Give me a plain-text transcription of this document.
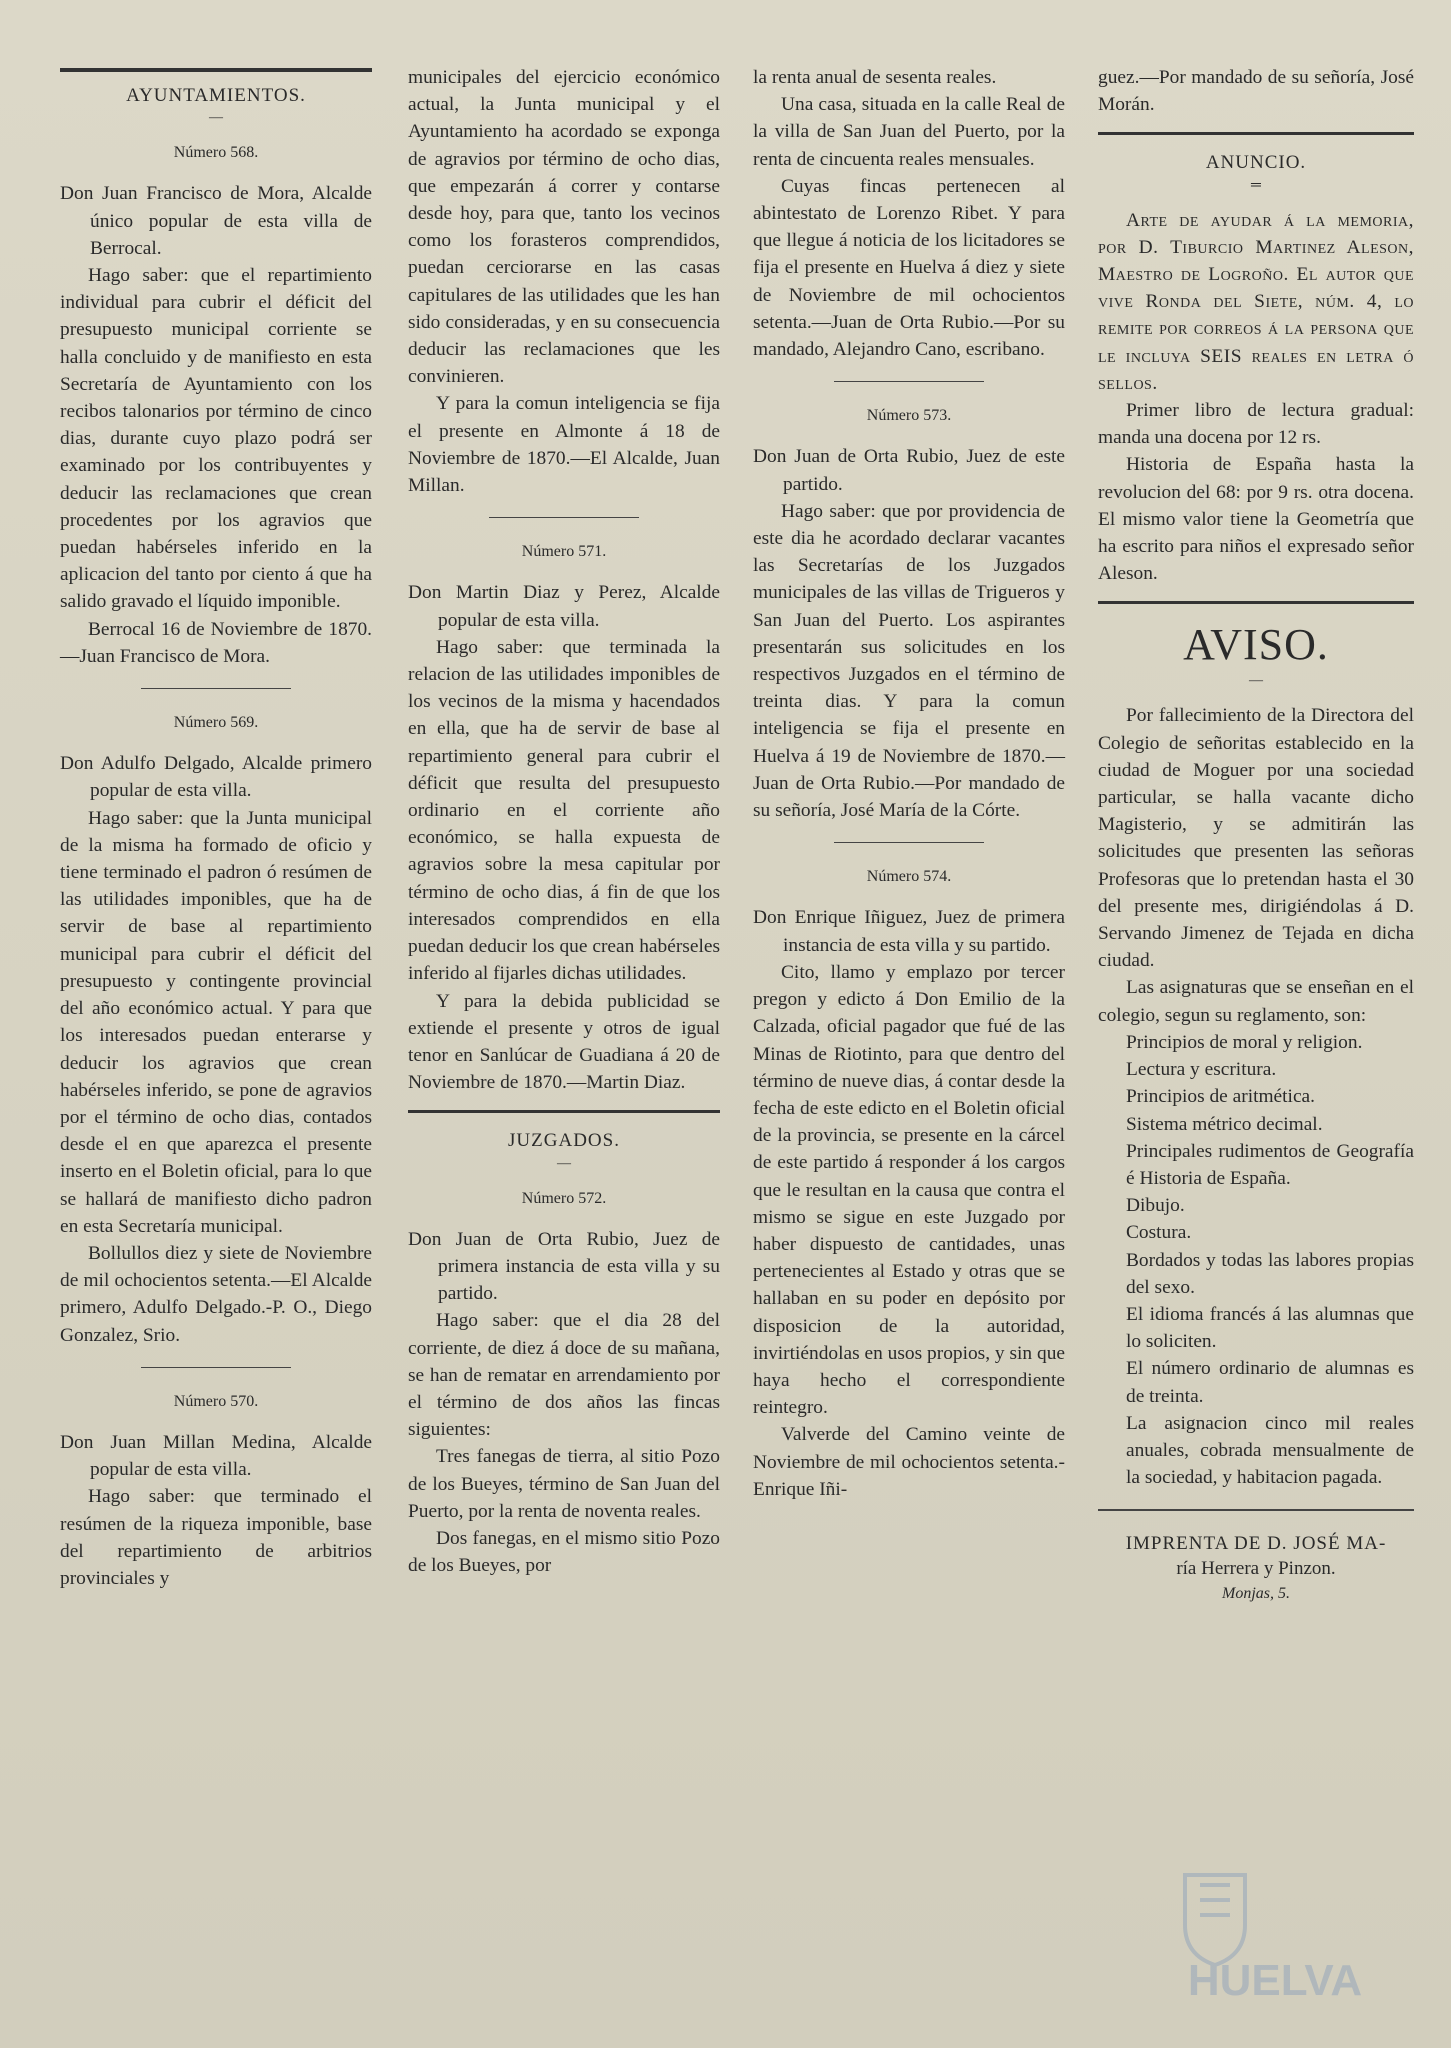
AYUNTAMIENTOS.

—

Número 568.

Don Juan Francisco de Mora, Alcalde único popular de esta villa de Berrocal.

Hago saber: que el repartimiento individual para cubrir el déficit del presupuesto municipal corriente se halla concluido y de manifiesto en esta Secretaría de Ayuntamiento con los recibos talonarios por término de cinco dias, durante cuyo plazo podrá ser examinado por los contribuyentes y deducir las reclamaciones que crean procedentes por los agravios que puedan habérseles inferido en la aplicacion del tanto por ciento á que ha salido gravado el líquido imponible.

Berrocal 16 de Noviembre de 1870.—Juan Francisco de Mora.

Número 569.

Don Adulfo Delgado, Alcalde primero popular de esta villa.

Hago saber: que la Junta municipal de la misma ha formado de oficio y tiene terminado el padron ó resúmen de las utilidades imponibles, que ha de servir de base al repartimiento municipal para cubrir el déficit del presupuesto y contingente provincial del año económico actual. Y para que los interesados puedan enterarse y deducir los agravios que crean habérseles inferido, se pone de agravios por el término de ocho dias, contados desde el en que aparezca el presente inserto en el Boletin oficial, para lo que se hallará de manifiesto dicho padron en esta Secretaría municipal.

Bollullos diez y siete de Noviembre de mil ochocientos setenta.—El Alcalde primero, Adulfo Delgado.-P. O., Diego Gonzalez, Srio.

Número 570.

Don Juan Millan Medina, Alcalde popular de esta villa.

Hago saber: que terminado el resúmen de la riqueza imponible, base del repartimiento de arbitrios provinciales y

municipales del ejercicio económico actual, la Junta municipal y el Ayuntamiento ha acordado se exponga de agravios por término de ocho dias, que empezarán á correr y contarse desde hoy, para que, tanto los vecinos como los forasteros comprendidos, puedan cerciorarse en las casas capitulares de las utilidades que les han sido consideradas, y en su consecuencia deducir las reclamaciones que les convinieren.

Y para la comun inteligencia se fija el presente en Almonte á 18 de Noviembre de 1870.—El Alcalde, Juan Millan.

Número 571.

Don Martin Diaz y Perez, Alcalde popular de esta villa.

Hago saber: que terminada la relacion de las utilidades imponibles de los vecinos de la misma y hacendados en ella, que ha de servir de base al repartimiento general para cubrir el déficit que resulta del presupuesto ordinario en el corriente año económico, se halla expuesta de agravios sobre la mesa capitular por término de ocho dias, á fin de que los interesados comprendidos en ella puedan deducir los que crean habérseles inferido al fijarles dichas utilidades.

Y para la debida publicidad se extiende el presente y otros de igual tenor en Sanlúcar de Guadiana á 20 de Noviembre de 1870.—Martin Diaz.

JUZGADOS.

—

Número 572.

Don Juan de Orta Rubio, Juez de primera instancia de esta villa y su partido.

Hago saber: que el dia 28 del corriente, de diez á doce de su mañana, se han de rematar en arrendamiento por el término de dos años las fincas siguientes:

Tres fanegas de tierra, al sitio Pozo de los Bueyes, término de San Juan del Puerto, por la renta de noventa reales.

Dos fanegas, en el mismo sitio Pozo de los Bueyes, por

la renta anual de sesenta reales.

Una casa, situada en la calle Real de la villa de San Juan del Puerto, por la renta de cincuenta reales mensuales.

Cuyas fincas pertenecen al abintestato de Lorenzo Ribet. Y para que llegue á noticia de los licitadores se fija el presente en Huelva á diez y siete de Noviembre de mil ochocientos setenta.—Juan de Orta Rubio.—Por su mandado, Alejandro Cano, escribano.

Número 573.

Don Juan de Orta Rubio, Juez de este partido.

Hago saber: que por providencia de este dia he acordado declarar vacantes las Secretarías de los Juzgados municipales de las villas de Trigueros y San Juan del Puerto. Los aspirantes presentarán sus solicitudes en los respectivos Juzgados en el término de treinta dias. Y para la comun inteligencia se fija el presente en Huelva á 19 de Noviembre de 1870.—Juan de Orta Rubio.—Por mandado de su señoría, José María de la Córte.

Número 574.

Don Enrique Iñiguez, Juez de primera instancia de esta villa y su partido.

Cito, llamo y emplazo por tercer pregon y edicto á Don Emilio de la Calzada, oficial pagador que fué de las Minas de Riotinto, para que dentro del término de nueve dias, á contar desde la fecha de este edicto en el Boletin oficial de la provincia, se presente en la cárcel de este partido á responder á los cargos que le resultan en la causa que contra el mismo se sigue en este Juzgado por haber dispuesto de cantidades, unas pertenecientes al Estado y otras que se hallaban en su poder en depósito por disposicion de la autoridad, invirtiéndolas en usos propios, y sin que haya hecho el correspondiente reintegro.

Valverde del Camino veinte de Noviembre de mil ochocientos setenta.-Enrique Iñi-

guez.—Por mandado de su señoría, José Morán.

ANUNCIO.

═

Arte de ayudar á la memoria, por D. Tiburcio Martinez Aleson, Maestro de Logroño. El autor que vive Ronda del Siete, núm. 4, lo remite por correos á la persona que le incluya SEIS reales en letra ó sellos.

Primer libro de lectura gradual: manda una docena por 12 rs.

Historia de España hasta la revolucion del 68: por 9 rs. otra docena. El mismo valor tiene la Geometría que ha escrito para niños el expresado señor Aleson.

AVISO.

—

Por fallecimiento de la Directora del Colegio de señoritas establecido en la ciudad de Moguer por una sociedad particular, se halla vacante dicho Magisterio, y se admitirán las solicitudes que presenten las señoras Profesoras que lo pretendan hasta el 30 del presente mes, dirigiéndolas á D. Servando Jimenez de Tejada en dicha ciudad.

Las asignaturas que se enseñan en el colegio, segun su reglamento, son:

Principios de moral y religion.

Lectura y escritura.

Principios de aritmética.

Sistema métrico decimal.

Principales rudimentos de Geografía é Historia de España.

Dibujo.

Costura.

Bordados y todas las labores propias del sexo.

El idioma francés á las alumnas que lo soliciten.

El número ordinario de alumnas es de treinta.

La asignacion cinco mil reales anuales, cobrada mensualmente de la sociedad, y habitacion pagada.

IMPRENTA DE D. JOSÉ MA-
ría Herrera y Pinzon.
Monjas, 5.
HUELVA
